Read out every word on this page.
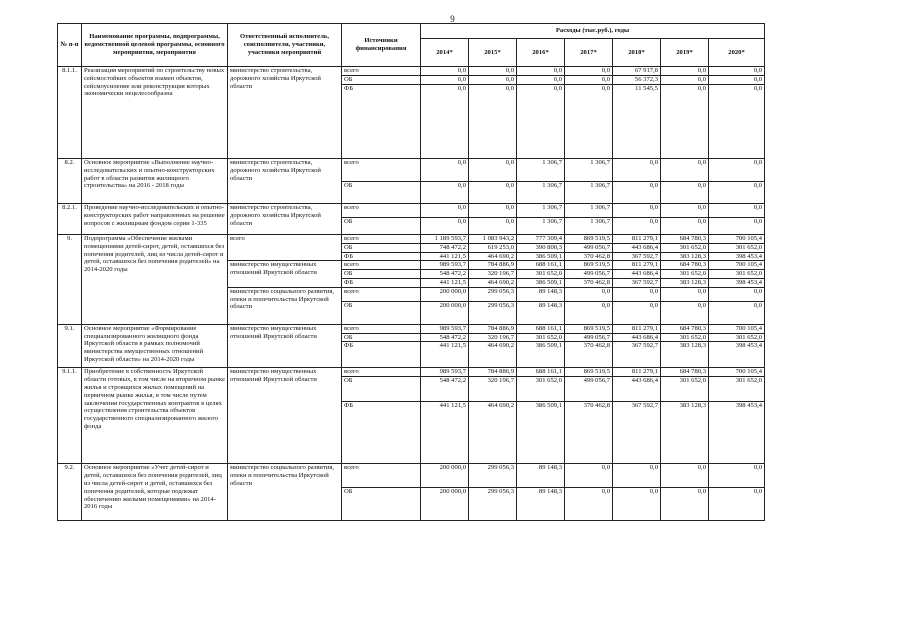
9
№ п-п	Наименование программы, подпрограммы, ведомственной целевой программы, основного мероприятия, мероприятия	Ответственный исполнитель, соисполнители, участники, участники мероприятий	Источники финансирования	Расходы (тыс.руб.), годы						
				2014*	2015*	2016*	2017*	2018*	2019*	2020*
8.1.1.	Реализация мероприятий по строительству новых сейсмостойких объектов взамен объектов, сейсмоусиление или реконструкция которых экономически нецелесообразна	министерство строительства, дорожного хозяйства Иркутской области	всего	0,0	0,0	0,0	0,0	67 917,8	0,0	0,0
			ОБ	0,0	0,0	0,0	0,0	56 372,3	0,0	0,0
			ФБ	0,0	0,0	0,0	0,0	11 545,5	0,0	0,0
8.2.	Основное мероприятие «Выполнение научно-исследовательских и опытно-конструкторских работ в области развития жилищного строительства» на 2016 - 2018 годы	министерство строительства, дорожного хозяйства Иркутской области	всего	0,0	0,0	1 306,7	1 306,7	0,0	0,0	0,0
			ОБ	0,0	0,0	1 306,7	1 306,7	0,0	0,0	0,0
8.2.1.	Проведение научно-исследовательских и опытно-конструкторских работ направленных на решение вопросов с жилищным фондом серии 1-335	министерство строительства, дорожного хозяйства Иркутской области	всего	0,0	0,0	1 306,7	1 306,7	0,0	0,0	0,0
			ОБ	0,0	0,0	1 306,7	1 306,7	0,0	0,0	0,0
9.	Подпрограмма «Обеспечение жилыми помещениями детей-сирот, детей, оставшихся без попечения родителей, лиц из числа детей-сирот и детей, оставшихся без попечения родителей» на 2014-2020 годы	всего	всего	1 189 593,7	1 083 943,2	777 309,4	869 519,5	811 279,1	684 780,3	700 105,4
			ОБ	748 472,2	619 253,0	390 800,3	499 056,7	443 686,4	301 652,0	301 652,0
			ФБ	441 121,5	464 690,2	386 509,1	370 462,8	367 592,7	383 128,3	398 453,4
		министерство имущественных отношений Иркутской области	всего	989 593,7	784 886,9	688 161,1	869 519,5	811 279,1	684 780,3	700 105,4
			ОБ	548 472,2	320 196,7	301 652,0	499 056,7	443 686,4	301 652,0	301 652,0
			ФБ	441 121,5	464 690,2	386 509,1	370 462,8	367 592,7	383 128,3	398 453,4
		министерство социального развития, опеки и попечительства Иркутской области	всего	200 000,0	299 056,3	89 148,3	0,0	0,0	0,0	0,0
			ОБ	200 000,0	299 056,3	89 148,3	0,0	0,0	0,0	0,0
9.1.	Основное мероприятие «Формирование специализированного жилищного фонда Иркутской области в рамках полномочий министерства имущественных отношений Иркутской области» на 2014-2020 годы	министерство имущественных отношений Иркутской области	всего	989 593,7	784 886,9	688 161,1	869 519,5	811 279,1	684 780,3	700 105,4
			ОБ	548 472,2	320 196,7	301 652,0	499 056,7	443 686,4	301 652,0	301 652,0
			ФБ	441 121,5	464 690,2	386 509,1	370 462,8	367 592,7	383 128,3	398 453,4
9.1.1.	Приобретение в собственность Иркутской области готовых, в том числе на вторичном рынке жилья и строящихся жилых помещений на первичном рынке жилья, в том числе путем заключения государственных контрактов в целях осуществления строительства объектов государственного специализированного жилого фонда	министерство имущественных отношений Иркутской области	всего	989 593,7	784 886,9	688 161,1	869 519,5	811 279,1	684 780,3	700 105,4
			ОБ	548 472,2	320 196,7	301 652,0	499 056,7	443 686,4	301 652,0	301 652,0
			ФБ	441 121,5	464 690,2	386 509,1	370 462,8	367 592,7	383 128,3	398 453,4
9.2.	Основное мероприятие «Учет детей-сирот и детей, оставшихся без попечения родителей, лиц из числа детей-сирот и детей, оставшихся без попечения родителей, которые подлежат обеспечению жилыми помещениями» на 2014-2016 годы	министерство социального развития, опеки и попечительства Иркутской области	всего	200 000,0	299 056,3	89 148,3	0,0	0,0	0,0	0,0
			ОБ	200 000,0	299 056,3	89 148,3	0,0	0,0	0,0	0,0
